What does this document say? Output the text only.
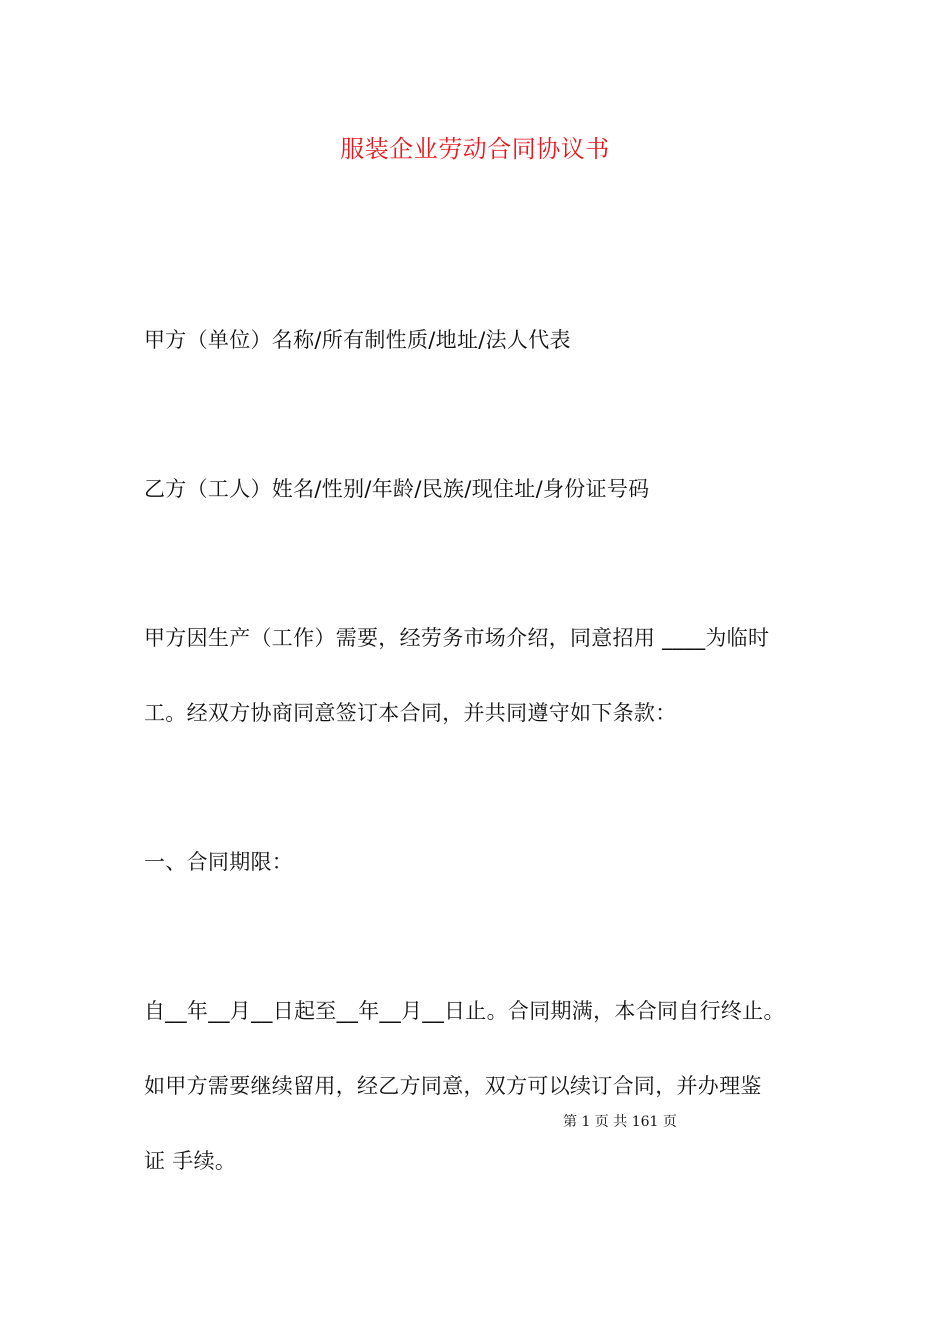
服装企业劳动合同协议书
甲方（单位）名称/所有制性质/地址/法人代表
乙方（工人）姓名/性别/年龄/民族/现住址/身份证号码
甲方因生产（工作）需要，经劳务市场介绍，同意招用 ____为临时
工。经双方协商同意签订本合同，并共同遵守如下条款：
一、合同期限：
自__年__月__日起至__年__月__日止。合同期满，本合同自行终止。
如甲方需要继续留用，经乙方同意，双方可以续订合同，并办理鉴
第 1 页 共 161 页
证 手续。
